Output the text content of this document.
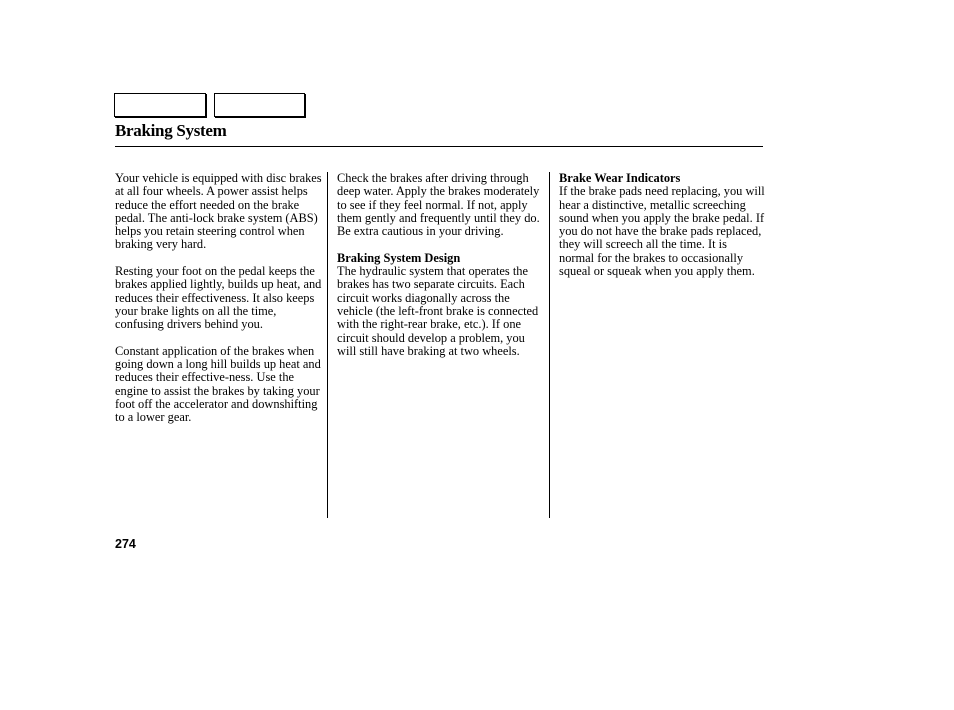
Braking System

Your vehicle is equipped with disc brakes at all four wheels. A power assist helps reduce the effort needed on the brake pedal. The anti-lock brake system (ABS) helps you retain steering control when braking very hard.

Resting your foot on the pedal keeps the brakes applied lightly, builds up heat, and reduces their effectiveness. It also keeps your brake lights on all the time, confusing drivers behind you.

Constant application of the brakes when going down a long hill builds up heat and reduces their effective-ness. Use the engine to assist the brakes by taking your foot off the accelerator and downshifting to a lower gear.

Check the brakes after driving through deep water. Apply the brakes moderately to see if they feel normal. If not, apply them gently and frequently until they do. Be extra cautious in your driving.

Braking System Design
The hydraulic system that operates the brakes has two separate circuits. Each circuit works diagonally across the vehicle (the left-front brake is connected with the right-rear brake, etc.). If one circuit should develop a problem, you will still have braking at two wheels.

Brake Wear Indicators
If the brake pads need replacing, you will hear a distinctive, metallic screeching sound when you apply the brake pedal. If you do not have the brake pads replaced, they will screech all the time. It is normal for the brakes to occasionally squeal or squeak when you apply them.

274
